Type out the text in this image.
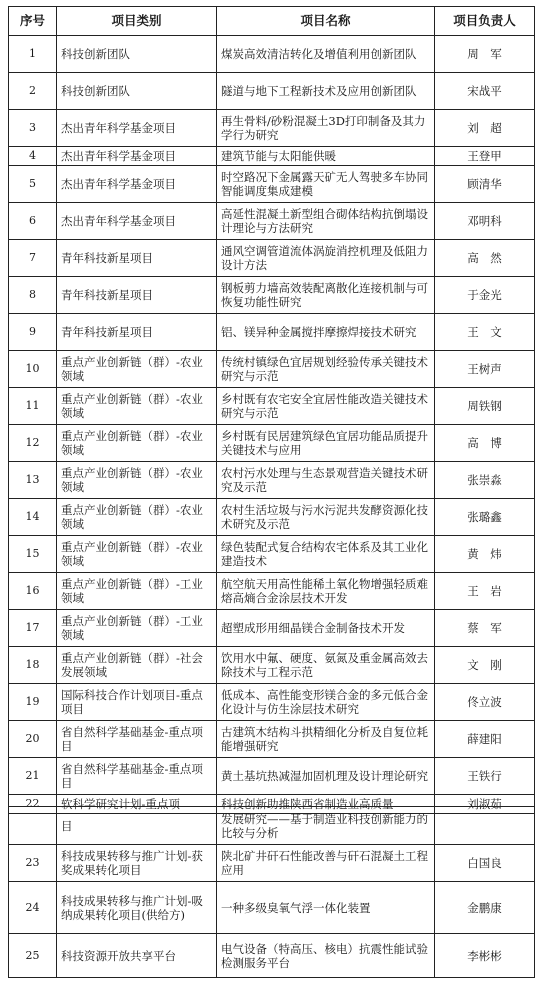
序号	项目类别	项目名称	项目负责人
1	科技创新团队	煤炭高效清洁转化及增值利用创新团队	周　军
2	科技创新团队	隧道与地下工程新技术及应用创新团队	宋战平
3	杰出青年科学基金项目	再生骨料/砂粉混凝土3D打印制备及其力学行为研究	刘　超
4	杰出青年科学基金项目	建筑节能与太阳能供暖	王登甲
5	杰出青年科学基金项目	时空路况下金属露天矿无人驾驶多车协同智能调度集成建模	顾清华
6	杰出青年科学基金项目	高延性混凝土新型组合砌体结构抗倒塌设计理论与方法研究	邓明科
7	青年科技新星项目	通风空调管道流体涡旋消控机理及低阻力设计方法	高　然
8	青年科技新星项目	钢板剪力墙高效装配离散化连接机制与可恢复功能性研究	于金光
9	青年科技新星项目	铝、镁异种金属搅拌摩擦焊接技术研究	王　文
10	重点产业创新链（群）-农业领域	传统村镇绿色宜居规划经验传承关键技术研究与示范	王树声
11	重点产业创新链（群）-农业领域	乡村既有农宅安全宜居性能改造关键技术研究与示范	周铁钢
12	重点产业创新链（群）-农业领域	乡村既有民居建筑绿色宜居功能品质提升关键技术与应用	高　博
13	重点产业创新链（群）-农业领域	农村污水处理与生态景观营造关键技术研究及示范	张崇淼
14	重点产业创新链（群）-农业领域	农村生活垃圾与污水污泥共发酵资源化技术研究及示范	张璐鑫
15	重点产业创新链（群）-农业领域	绿色装配式复合结构农宅体系及其工业化建造技术	黄　炜
16	重点产业创新链（群）-工业领域	航空航天用高性能稀土氧化物增强轻质难熔高熵合金涂层技术开发	王　岩
17	重点产业创新链（群）-工业领域	超塑成形用细晶镁合金制备技术开发	蔡　军
18	重点产业创新链（群）-社会发展领域	饮用水中氟、硬度、氨氮及重金属高效去除技术与工程示范	文　刚
19	国际科技合作计划项目-重点项目	低成本、高性能变形镁合金的多元低合金化设计与仿生涂层技术研究	佟立波
20	省自然科学基础基金-重点项目	古建筑木结构斗拱精细化分析及自复位耗能增强研究	薛建阳
21	省自然科学基础基金-重点项目	黄土基坑热减湿加固机理及设计理论研究	王铁行
22	软科学研究计划-重点项	科技创新助推陕西省制造业高质量	刘淑茹
	目	发展研究——基于制造业科技创新能力的比较与分析	
23	科技成果转移与推广计划-获奖成果转化项目	陕北矿井矸石性能改善与矸石混凝土工程应用	白国良
24	科技成果转移与推广计划-吸纳成果转化项目(供给方)	一种多级臭氧气浮一体化装置	金鹏康
25	科技资源开放共享平台	电气设备（特高压、核电）抗震性能试验检测服务平台	李彬彬
